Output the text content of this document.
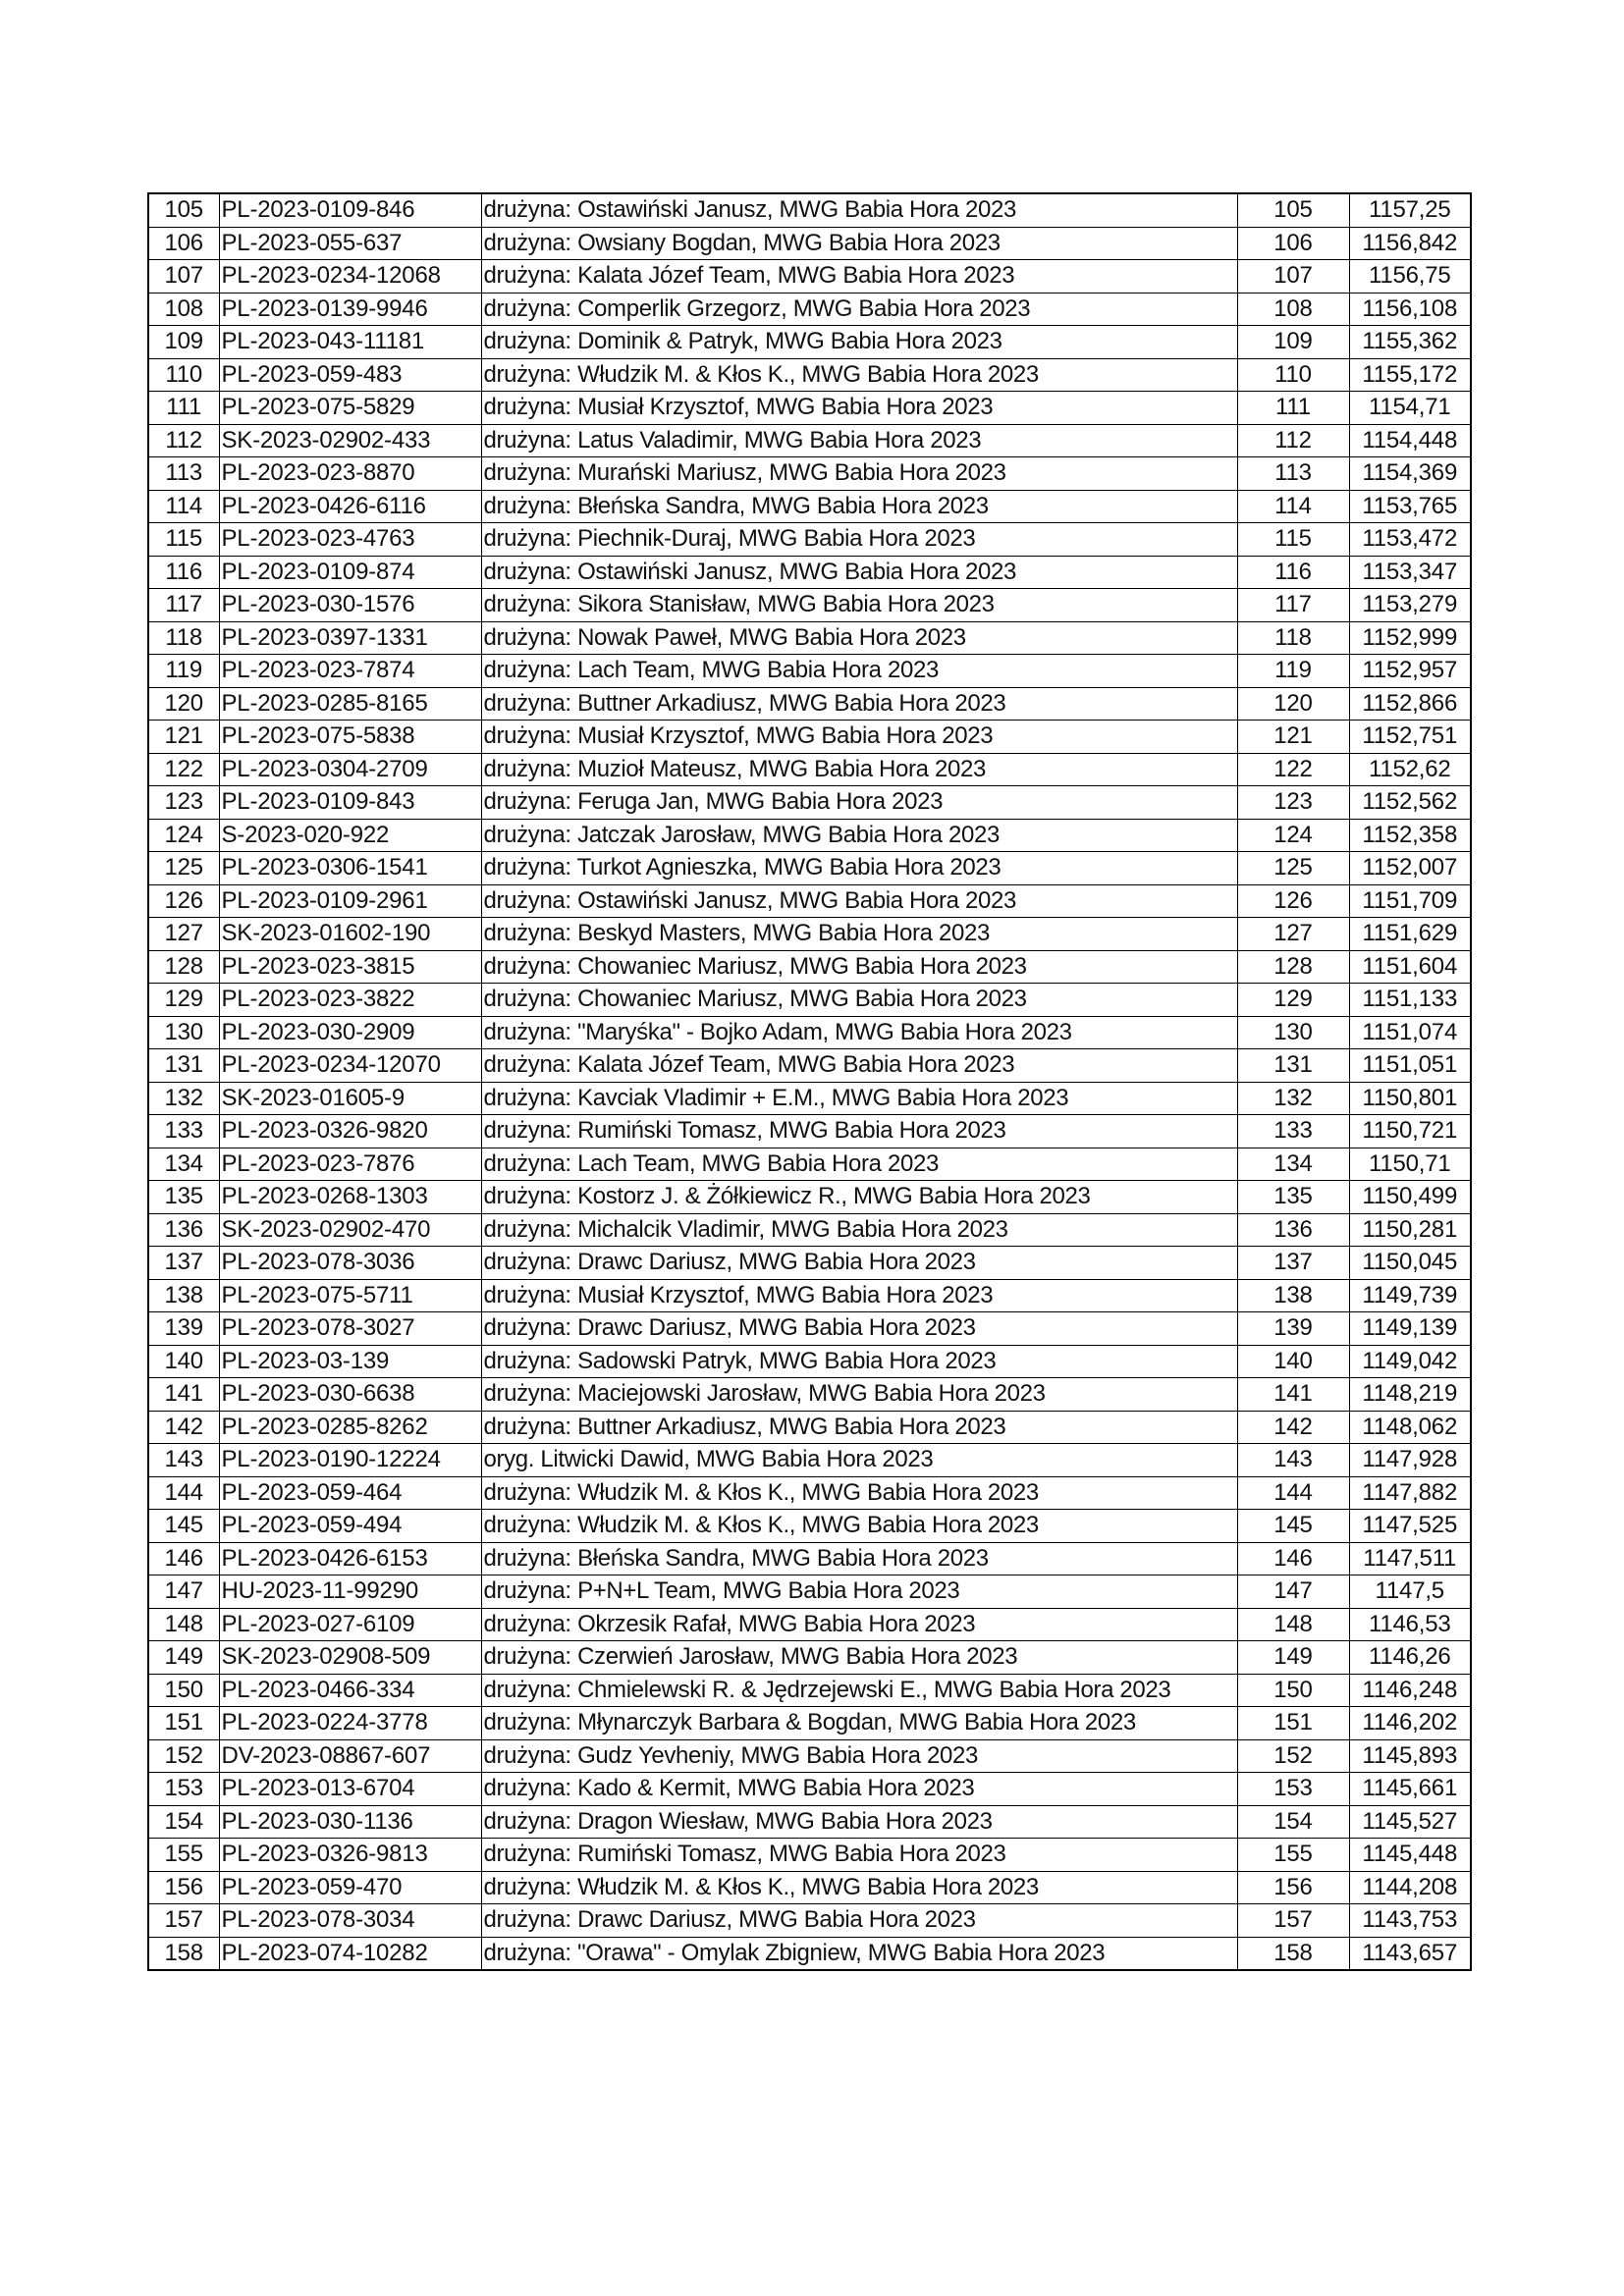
105	PL-2023-0109-846	drużyna: Ostawiński Janusz, MWG Babia Hora 2023	105	1157,25
106	PL-2023-055-637	drużyna: Owsiany Bogdan, MWG Babia Hora 2023	106	1156,842
107	PL-2023-0234-12068	drużyna: Kalata Józef Team, MWG Babia Hora 2023	107	1156,75
108	PL-2023-0139-9946	drużyna: Comperlik Grzegorz, MWG Babia Hora 2023	108	1156,108
109	PL-2023-043-11181	drużyna: Dominik & Patryk, MWG Babia Hora 2023	109	1155,362
110	PL-2023-059-483	drużyna: Włudzik M. & Kłos K., MWG Babia Hora 2023	110	1155,172
111	PL-2023-075-5829	drużyna: Musiał Krzysztof, MWG Babia Hora 2023	111	1154,71
112	SK-2023-02902-433	drużyna: Latus Valadimir, MWG Babia Hora 2023	112	1154,448
113	PL-2023-023-8870	drużyna: Murański Mariusz, MWG Babia Hora 2023	113	1154,369
114	PL-2023-0426-6116	drużyna: Błeńska Sandra, MWG Babia Hora 2023	114	1153,765
115	PL-2023-023-4763	drużyna: Piechnik-Duraj, MWG Babia Hora 2023	115	1153,472
116	PL-2023-0109-874	drużyna: Ostawiński Janusz, MWG Babia Hora 2023	116	1153,347
117	PL-2023-030-1576	drużyna: Sikora Stanisław, MWG Babia Hora 2023	117	1153,279
118	PL-2023-0397-1331	drużyna: Nowak Paweł, MWG Babia Hora 2023	118	1152,999
119	PL-2023-023-7874	drużyna: Lach Team, MWG Babia Hora 2023	119	1152,957
120	PL-2023-0285-8165	drużyna: Buttner Arkadiusz, MWG Babia Hora 2023	120	1152,866
121	PL-2023-075-5838	drużyna: Musiał Krzysztof, MWG Babia Hora 2023	121	1152,751
122	PL-2023-0304-2709	drużyna: Muzioł Mateusz, MWG Babia Hora 2023	122	1152,62
123	PL-2023-0109-843	drużyna: Feruga Jan, MWG Babia Hora 2023	123	1152,562
124	S-2023-020-922	drużyna: Jatczak Jarosław, MWG Babia Hora 2023	124	1152,358
125	PL-2023-0306-1541	drużyna: Turkot Agnieszka, MWG Babia Hora 2023	125	1152,007
126	PL-2023-0109-2961	drużyna: Ostawiński Janusz, MWG Babia Hora 2023	126	1151,709
127	SK-2023-01602-190	drużyna: Beskyd Masters, MWG Babia Hora 2023	127	1151,629
128	PL-2023-023-3815	drużyna: Chowaniec Mariusz, MWG Babia Hora 2023	128	1151,604
129	PL-2023-023-3822	drużyna: Chowaniec Mariusz, MWG Babia Hora 2023	129	1151,133
130	PL-2023-030-2909	drużyna: "Maryśka" - Bojko Adam, MWG Babia Hora 2023	130	1151,074
131	PL-2023-0234-12070	drużyna: Kalata Józef Team, MWG Babia Hora 2023	131	1151,051
132	SK-2023-01605-9	drużyna: Kavciak Vladimir + E.M., MWG Babia Hora 2023	132	1150,801
133	PL-2023-0326-9820	drużyna: Rumiński Tomasz, MWG Babia Hora 2023	133	1150,721
134	PL-2023-023-7876	drużyna: Lach Team, MWG Babia Hora 2023	134	1150,71
135	PL-2023-0268-1303	drużyna: Kostorz J. & Żółkiewicz R., MWG Babia Hora 2023	135	1150,499
136	SK-2023-02902-470	drużyna: Michalcik Vladimir, MWG Babia Hora 2023	136	1150,281
137	PL-2023-078-3036	drużyna: Drawc Dariusz, MWG Babia Hora 2023	137	1150,045
138	PL-2023-075-5711	drużyna: Musiał Krzysztof, MWG Babia Hora 2023	138	1149,739
139	PL-2023-078-3027	drużyna: Drawc Dariusz, MWG Babia Hora 2023	139	1149,139
140	PL-2023-03-139	drużyna: Sadowski Patryk, MWG Babia Hora 2023	140	1149,042
141	PL-2023-030-6638	drużyna: Maciejowski Jarosław, MWG Babia Hora 2023	141	1148,219
142	PL-2023-0285-8262	drużyna: Buttner Arkadiusz, MWG Babia Hora 2023	142	1148,062
143	PL-2023-0190-12224	oryg. Litwicki Dawid, MWG Babia Hora 2023	143	1147,928
144	PL-2023-059-464	drużyna: Włudzik M. & Kłos K., MWG Babia Hora 2023	144	1147,882
145	PL-2023-059-494	drużyna: Włudzik M. & Kłos K., MWG Babia Hora 2023	145	1147,525
146	PL-2023-0426-6153	drużyna: Błeńska Sandra, MWG Babia Hora 2023	146	1147,511
147	HU-2023-11-99290	drużyna: P+N+L Team, MWG Babia Hora 2023	147	1147,5
148	PL-2023-027-6109	drużyna: Okrzesik Rafał, MWG Babia Hora 2023	148	1146,53
149	SK-2023-02908-509	drużyna: Czerwień Jarosław, MWG Babia Hora 2023	149	1146,26
150	PL-2023-0466-334	drużyna: Chmielewski R. & Jędrzejewski E., MWG Babia Hora 2023	150	1146,248
151	PL-2023-0224-3778	drużyna: Młynarczyk Barbara & Bogdan, MWG Babia Hora 2023	151	1146,202
152	DV-2023-08867-607	drużyna: Gudz Yevheniy, MWG Babia Hora 2023	152	1145,893
153	PL-2023-013-6704	drużyna: Kado & Kermit, MWG Babia Hora 2023	153	1145,661
154	PL-2023-030-1136	drużyna: Dragon Wiesław, MWG Babia Hora 2023	154	1145,527
155	PL-2023-0326-9813	drużyna: Rumiński Tomasz, MWG Babia Hora 2023	155	1145,448
156	PL-2023-059-470	drużyna: Włudzik M. & Kłos K., MWG Babia Hora 2023	156	1144,208
157	PL-2023-078-3034	drużyna: Drawc Dariusz, MWG Babia Hora 2023	157	1143,753
158	PL-2023-074-10282	drużyna: "Orawa" - Omylak Zbigniew, MWG Babia Hora 2023	158	1143,657
